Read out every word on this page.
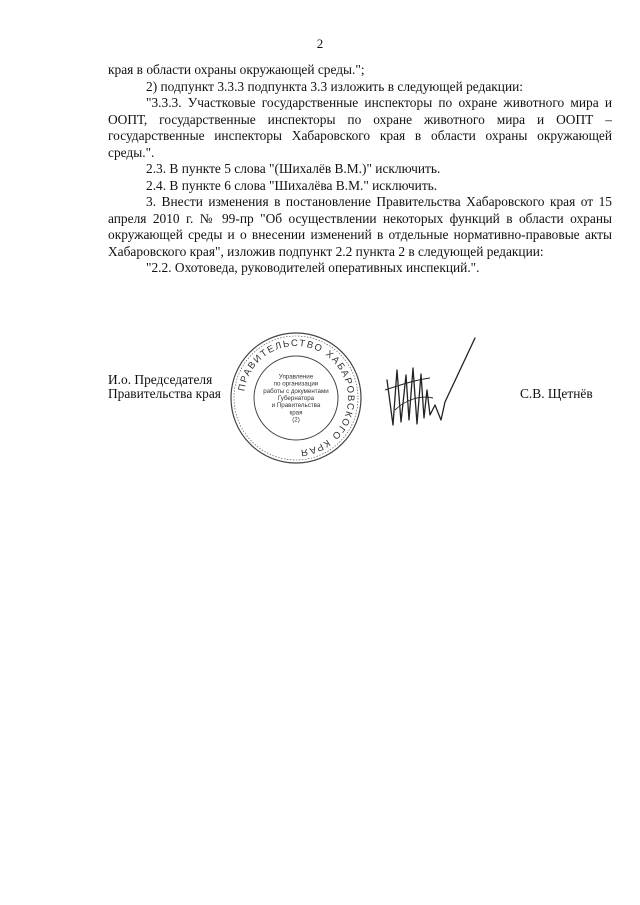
2

края в области охраны окружающей среды.";

2) подпункт 3.3.3 подпункта 3.3 изложить в следующей редакции:

"3.3.3. Участковые государственные инспекторы по охране животного мира и ООПТ, государственные инспекторы по охране животного мира и ООПТ – государственные инспекторы Хабаровского края в области охраны окружающей среды.".

2.3. В пункте 5 слова "(Шихалёв В.М.)" исключить.

2.4. В пункте 6 слова "Шихалёва В.М." исключить.

3. Внести изменения в постановление Правительства Хабаровского края от 15 апреля 2010 г. № 99-пр "Об осуществлении некоторых функций в области охраны окружающей среды и о внесении изменений в отдельные нормативно-правовые акты Хабаровского края", изложив подпункт 2.2 пункта 2 в следующей редакции:

"2.2. Охотоведа, руководителей оперативных инспекций.".

И.о. Председателя
Правительства края ПРАВИТЕЛЬСТВО ХАБАРОВСКОГО КРАЯ
Управление
по организации
работы с документами
Губернатора
и Правительства
края
(2)
С.В. Щетнёв
